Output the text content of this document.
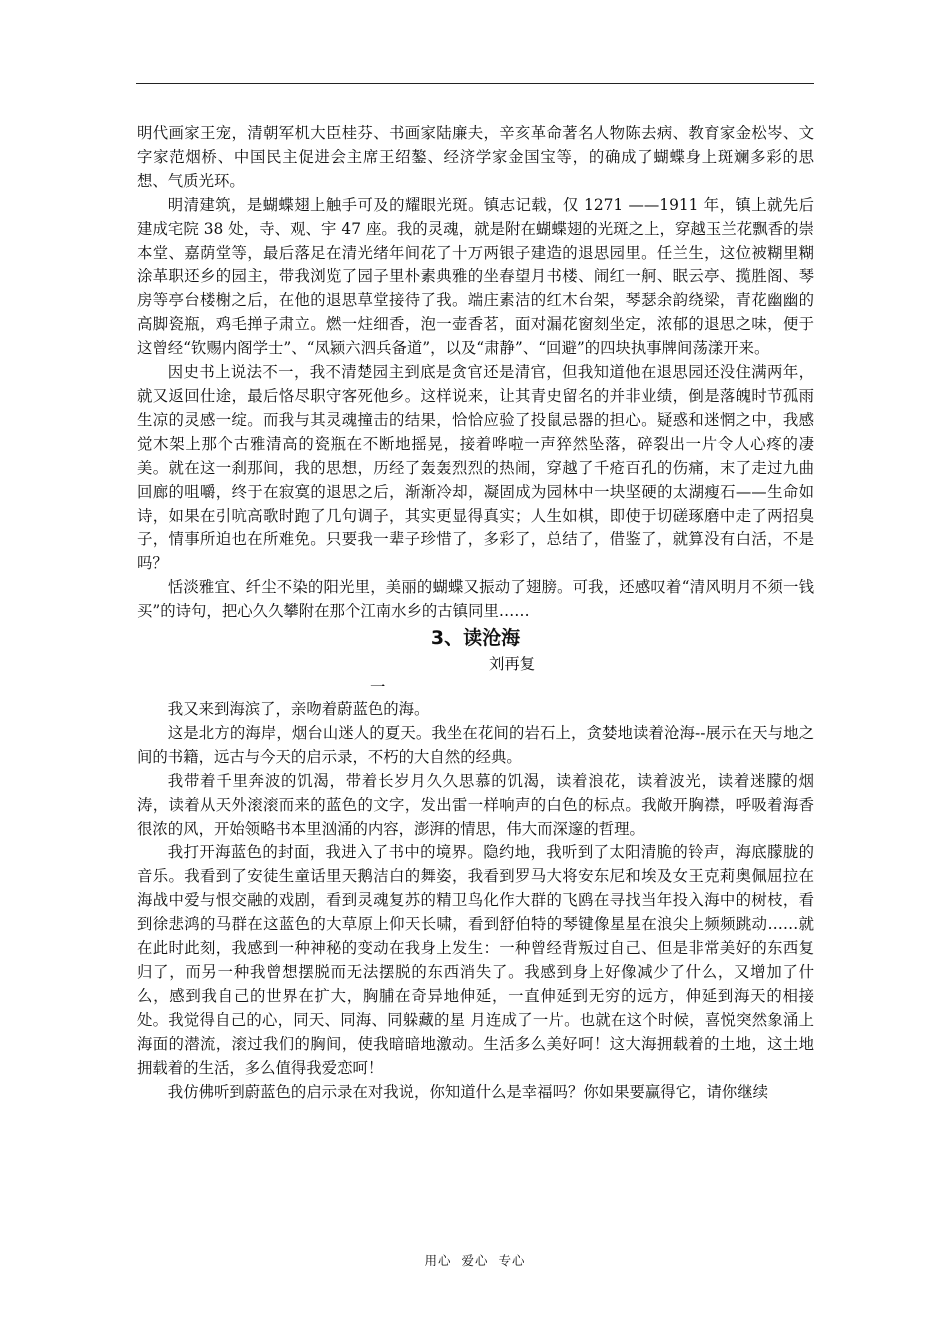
明代画家王宠，清朝军机大臣桂芬、书画家陆廉夫，辛亥革命著名人物陈去病、教育家金松岑、文字家范烟桥、中国民主促进会主席王绍鏊、经济学家金国宝等，的确成了蝴蝶身上斑斓多彩的思想、气质光环。

明清建筑，是蝴蝶翅上触手可及的耀眼光斑。镇志记载，仅 1271 ——1911 年，镇上就先后建成宅院 38 处，寺、观、宇 47 座。我的灵魂，就是附在蝴蝶翅的光斑之上，穿越玉兰花飘香的崇本堂、嘉荫堂等，最后落足在清光绪年间花了十万两银子建造的退思园里。任兰生，这位被糊里糊涂革职还乡的园主，带我浏览了园子里朴素典雅的坐春望月书楼、闹红一舸、眠云亭、揽胜阁、琴房等亭台楼榭之后，在他的退思草堂接待了我。端庄素洁的红木台架，琴瑟余韵绕梁，青花幽幽的高脚瓷瓶，鸡毛掸子肃立。燃一炷细香，泡一壶香茗，面对漏花窗刻坐定，浓郁的退思之味，便于这曾经“钦赐内阁学士”、“凤颍六泗兵备道”，以及“肃静”、“回避”的四块执事牌间荡漾开来。

因史书上说法不一，我不清楚园主到底是贪官还是清官，但我知道他在退思园还没住满两年，就又返回仕途，最后恪尽职守客死他乡。这样说来，让其青史留名的并非业绩，倒是落魄时节孤雨生凉的灵感一绽。而我与其灵魂撞击的结果，恰恰应验了投鼠忌器的担心。疑惑和迷惘之中，我感觉木架上那个古雅清高的瓷瓶在不断地摇晃，接着哗啦一声猝然坠落，碎裂出一片令人心疼的凄美。就在这一刹那间，我的思想，历经了轰轰烈烈的热闹，穿越了千疮百孔的伤痛，末了走过九曲回廊的咀嚼，终于在寂寞的退思之后，渐渐冷却，凝固成为园林中一块坚硬的太湖瘦石——生命如诗，如果在引吭高歌时跑了几句调子，其实更显得真实；人生如棋，即使于切磋琢磨中走了两招臭子，情事所迫也在所难免。只要我一辈子珍惜了，多彩了，总结了，借鉴了，就算没有白活，不是吗？

恬淡雅宜、纤尘不染的阳光里，美丽的蝴蝶又振动了翅膀。可我，还感叹着“清风明月不须一钱买”的诗句，把心久久攀附在那个江南水乡的古镇同里……

3、读沧海

刘再复

一

我又来到海滨了，亲吻着蔚蓝色的海。

这是北方的海岸，烟台山迷人的夏天。我坐在花间的岩石上，贪婪地读着沧海--展示在天与地之间的书籍，远古与今天的启示录，不朽的大自然的经典。

我带着千里奔波的饥渴，带着长岁月久久思慕的饥渴，读着浪花，读着波光，读着迷朦的烟涛，读着从天外滚滚而来的蓝色的文字，发出雷一样响声的白色的标点。我敞开胸襟，呼吸着海香很浓的风，开始领略书本里汹涌的内容，澎湃的情思，伟大而深邃的哲理。

我打开海蓝色的封面，我进入了书中的境界。隐约地，我听到了太阳清脆的铃声，海底朦胧的音乐。我看到了安徒生童话里天鹅洁白的舞姿，我看到罗马大将安东尼和埃及女王克莉奥佩屈拉在海战中爱与恨交融的戏剧，看到灵魂复苏的精卫鸟化作大群的飞鸥在寻找当年投入海中的树枝，看到徐悲鸿的马群在这蓝色的大草原上仰天长啸，看到舒伯特的琴键像星星在浪尖上频频跳动……就在此时此刻，我感到一种神秘的变动在我身上发生：一种曾经背叛过自己、但是非常美好的东西复归了，而另一种我曾想摆脱而无法摆脱的东西消失了。我感到身上好像减少了什么，又增加了什么，感到我自己的世界在扩大，胸脯在奇异地伸延，一直伸延到无穷的远方，伸延到海天的相接处。我觉得自己的心，同天、同海、同躲藏的星 月连成了一片。也就在这个时候，喜悦突然象涌上海面的潜流，滚过我们的胸间，使我暗暗地激动。生活多么美好呵！这大海拥载着的土地，这土地拥载着的生活，多么值得我爱恋呵！

我仿佛听到蔚蓝色的启示录在对我说，你知道什么是幸福吗？你如果要赢得它，请你继续

用心  爱心  专心
